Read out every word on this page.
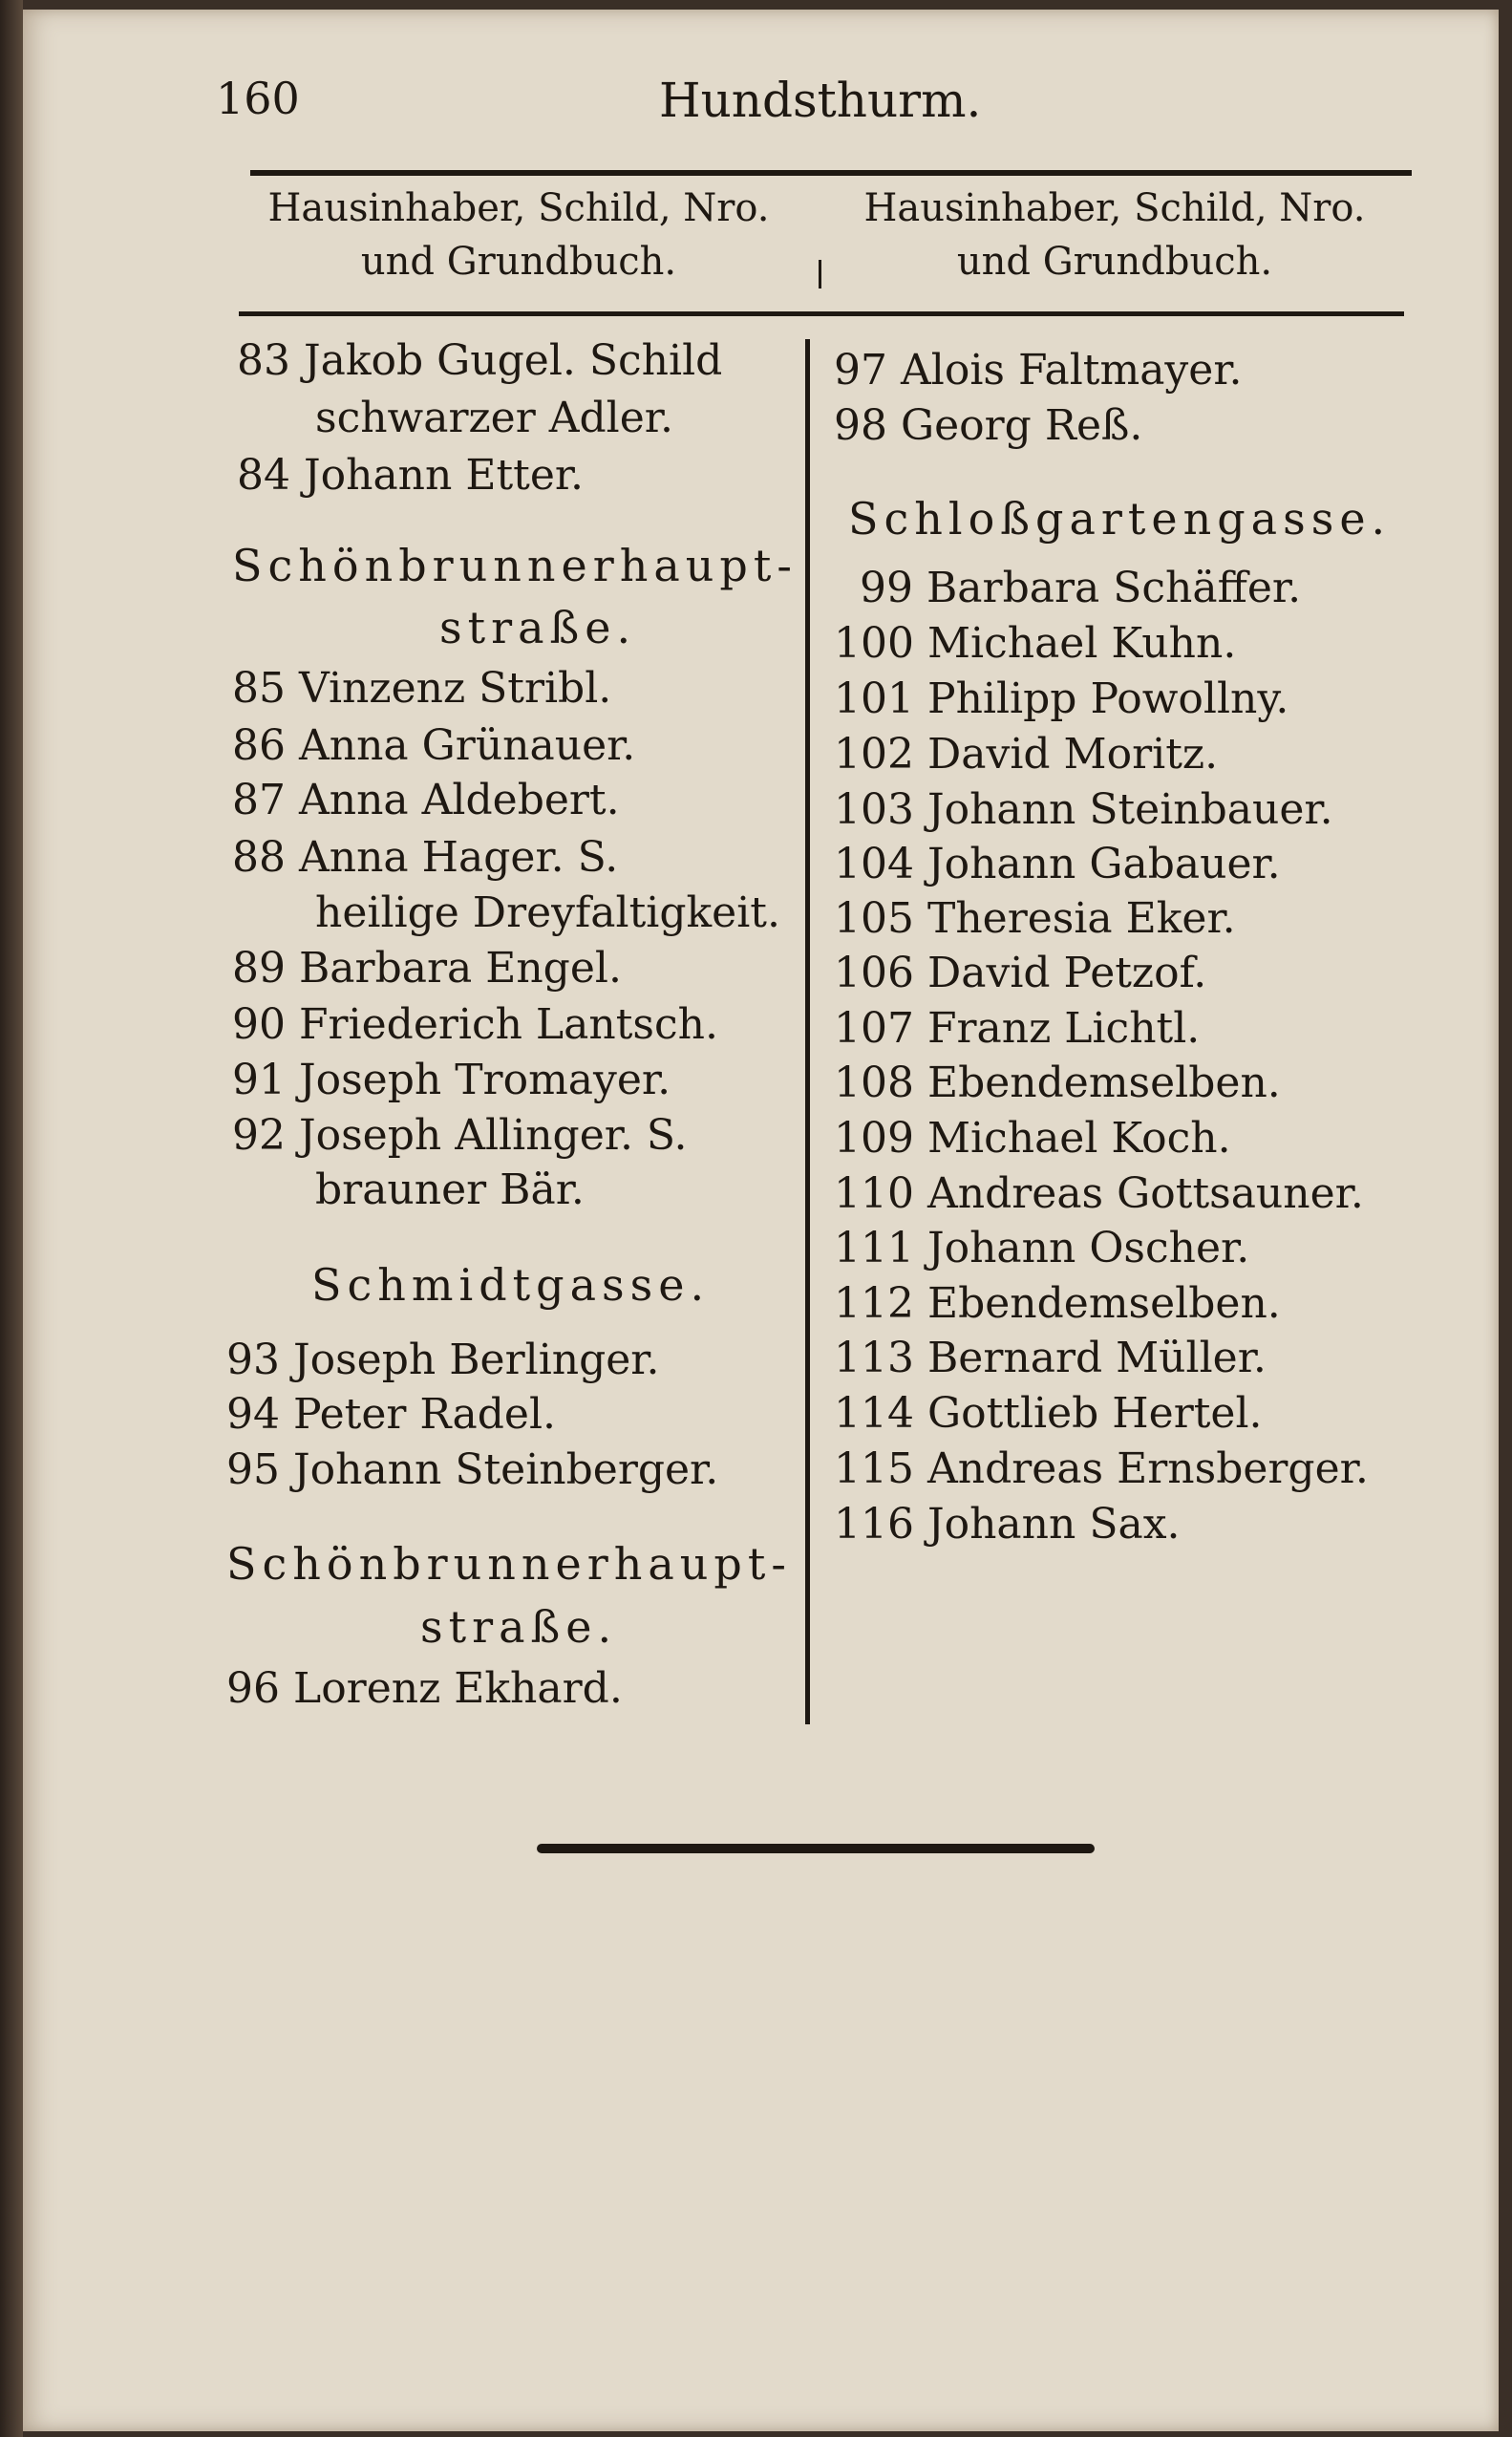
160	Hundsthurm.
Hausinhaber, Schild, Nro.
und Grundbuch.
Hausinhaber, Schild, Nro.
und Grundbuch.
83 Jakob Gugel. Schild
schwarzer Adler.
84 Johann Etter.
Schönbrunnerhaupt-
straße.
85 Vinzenz Stribl.
86 Anna Grünauer.
87 Anna Aldebert.
88 Anna Hager. S.
heilige Dreyfaltigkeit.
89 Barbara Engel.
90 Friederich Lantsch.
91 Joseph Tromayer.
92 Joseph Allinger. S.
brauner Bär.
Schmidtgasse.
93 Joseph Berlinger.
94 Peter Radel.
95 Johann Steinberger.
Schönbrunnerhaupt-
straße.
96 Lorenz Ekhard.
97 Alois Faltmayer.
98 Georg Reß.
Schloßgartengasse.
99 Barbara Schäffer.
100 Michael Kuhn.
101 Philipp Powollny.
102 David Moritz.
103 Johann Steinbauer.
104 Johann Gabauer.
105 Theresia Eker.
106 David Petzof.
107 Franz Lichtl.
108 Ebendemselben.
109 Michael Koch.
110 Andreas Gottsauner.
111 Johann Oscher.
112 Ebendemselben.
113 Bernard Müller.
114 Gottlieb Hertel.
115 Andreas Ernsberger.
116 Johann Sax.
